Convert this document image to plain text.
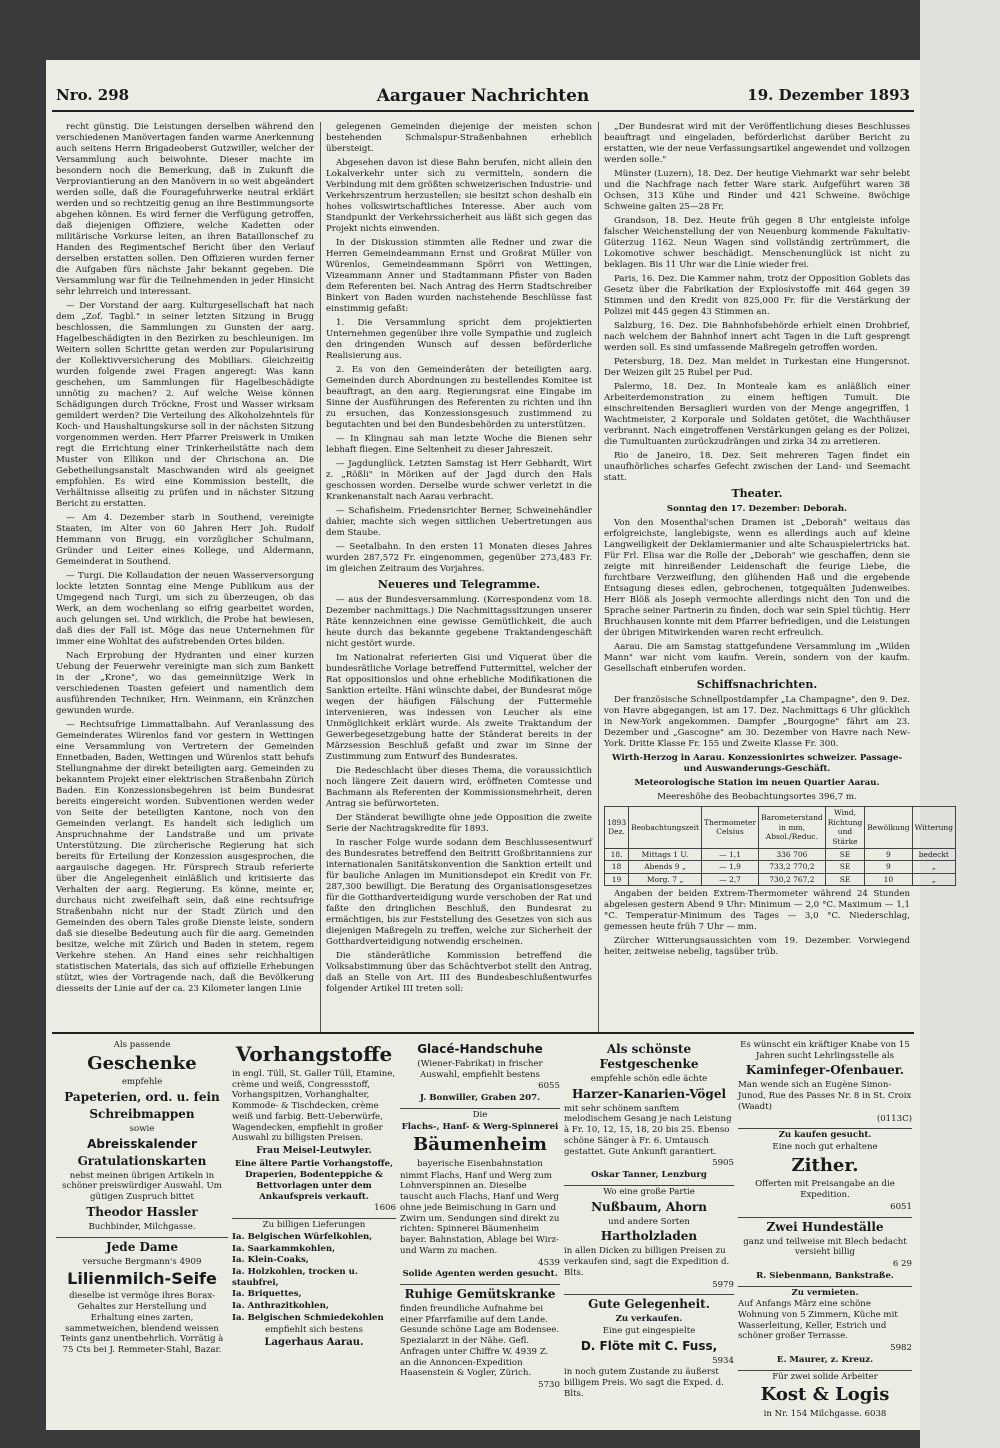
Nro. 298	Aargauer Nachrichten	19. Dezember 1893

recht günstig. Die Leistungen derselben während den verschiedenen Manövertagen fanden warme Anerkennung auch seitens Herrn Brigadeoberst Gutzwiller, welcher der Versammlung auch beiwohnte. Dieser machte im besondern noch die Bemerkung, daß in Zukunft die Verproviantierung an den Manövern in so weit abgeändert werden solle, daß die Fouragefuhrwerke neutral erklärt werden und so rechtzeitig genug an ihre Bestimmungsorte abgehen können. Es wird ferner die Verfügung getroffen, daß diejenigen Offiziere, welche Kadetten oder militärische Vorkurse leiten, an ihren Bataillonschef zu Handen des Regimentschef Bericht über den Verlauf derselben erstatten sollen. Den Offizieren wurden ferner die Aufgaben fürs nächste Jahr bekannt gegeben. Die Versammlung war für die Teilnehmenden in jeder Hinsicht sehr lehrreich und interessant.

— Der Vorstand der aarg. Kulturgesellschaft hat nach dem „Zof. Tagbl." in seiner letzten Sitzung in Brugg beschlossen, die Sammlungen zu Gunsten der aarg. Hagelbeschädigten in den Bezirken zu beschleunigen. Im Weitern sollen Schritte getan werden zur Popularisirung der Kollektivversicherung des Mobiliars. Gleichzeitig wurden folgende zwei Fragen angeregt: Was kann geschehen, um Sammlungen für Hagelbeschädigte unnötig zu machen? 2. Auf welche Weise können Schädigungen durch Tröckne, Frost und Wasser wirksam gemildert werden? Die Verteilung des Alkoholzehntels für Koch- und Haushaltungskurse soll in der nächsten Sitzung vorgenommen werden. Herr Pfarrer Preiswerk in Umiken regt die Errichtung einer Trinkerheilstätte nach dem Muster von Ellikon und der Chrischona an. Die Gebetheilungsanstalt Maschwanden wird als geeignet empfohlen. Es wird eine Kommission bestellt, die Verhältnisse allseitig zu prüfen und in nächster Sitzung Bericht zu erstatten.

— Am 4. Dezember starb in Southend, vereinigte Staaten, im Alter von 60 Jahren Herr Joh. Rudolf Hemmann von Brugg, ein vorzüglicher Schulmann, Gründer und Leiter eines Kollege, und Aldermann, Gemeinderat in Southend.

— Turgi. Die Kollaudation der neuen Wasserversorgung lockte letzten Sonntag eine Menge Publikum aus der Umgegend nach Turgi, um sich zu überzeugen, ob das Werk, an dem wochenlang so eifrig gearbeitet worden, auch gelungen sei. Und wirklich, die Probe hat bewiesen, daß dies der Fall ist. Möge das neue Unternehmen für immer eine Wohltat des aufstrebenden Ortes bilden.

Nach Erprobung der Hydranten und einer kurzen Uebung der Feuerwehr vereinigte man sich zum Bankett in der „Krone", wo das gemeinnützige Werk in verschiedenen Toasten gefeiert und namentlich dem ausführenden Techniker, Hrn. Weinmann, ein Kränzchen gewunden wurde.

— Rechtsufrige Limmattalbahn. Auf Veranlassung des Gemeinderates Würenlos fand vor gestern in Wettingen eine Versammlung von Vertretern der Gemeinden Ennetbaden, Baden, Wettingen und Würenlos statt behufs Stellungnahme der direkt beteiligten aarg. Gemeinden zu bekanntem Projekt einer elektrischen Straßenbahn Zürich Baden. Ein Konzessionsbegehren ist beim Bundesrat bereits eingereicht worden. Subventionen werden weder von Seite der beteiligten Kantone, noch von den Gemeinden verlangt. Es handelt sich lediglich um Anspruchnahme der Landstraße und um private Unterstützung. Die zürcherische Regierung hat sich bereits für Erteilung der Konzession ausgesprochen, die aargauische dagegen. Hr. Fürsprech Straub referierte über die Angelegenheit einläßlich und kritisierte das Verhalten der aarg. Regierung. Es könne, meinte er, durchaus nicht zweifelhaft sein, daß eine rechtsufrige Straßenbahn nicht nur der Stadt Zürich und den Gemeinden des obern Tales große Dienste leiste, sondern daß sie dieselbe Bedeutung auch für die aarg. Gemeinden besitze, welche mit Zürich und Baden in stetem, regem Verkehre stehen. An Hand eines sehr reichhaltigen statistischen Materials, das sich auf offizielle Erhebungen stützt, wies der Vortragende nach, daß die Bevölkerung diesseits der Linie auf der ca. 23 Kilometer langen Linie

gelegenen Gemeinden diejenige der meisten schon bestehenden Schmalspur-Straßenbahnen erheblich übersteigt.

Abgesehen davon ist diese Bahn berufen, nicht allein den Lokalverkehr unter sich zu vermitteln, sondern die Verbindung mit dem größten schweizerischen Industrie- und Verkehrszentrum herzustellen; sie besitzt schon deshalb ein hohes volkswirtschaftliches Interesse. Aber auch vom Standpunkt der Verkehrssicherheit aus läßt sich gegen das Projekt nichts einwenden.

In der Diskussion stimmten alle Redner und zwar die Herren Gemeindeammann Ernst und Großrat Müller von Würenlos, Gemeindeammann Spörri von Wettingen, Vizeammann Anner und Stadtammann Pfister von Baden dem Referenten bei. Nach Antrag des Herrn Stadtschreiber Binkert von Baden wurden nachstehende Beschlüsse fast einstimmig gefaßt:

1. Die Versammlung spricht dem projektierten Unternehmen gegenüber ihre volle Sympathie und zugleich den dringenden Wunsch auf dessen beförderliche Realisierung aus.

2. Es von den Gemeinderäten der beteiligten aarg. Gemeinden durch Abordnungen zu bestellendes Komitee ist beauftragt, an den aarg. Regierungsrat eine Eingabe im Sinne der Ausführungen des Referenten zu richten und ihn zu ersuchen, das Konzessionsgesuch zustimmend zu begutachten und bei den Bundesbehörden zu unterstützen.

— In Klingnau sah man letzte Woche die Bienen sehr lebhaft fliegen. Eine Seltenheit zu dieser Jahreszeit.

— Jagdunglück. Letzten Samstag ist Herr Gebhardt, Wirt z. „Rößli" in Möriken auf der Jagd durch den Hals geschossen worden. Derselbe wurde schwer verletzt in die Krankenanstalt nach Aarau verbracht.

— Schafisheim. Friedensrichter Berner, Schweinehändler dahier, machte sich wegen sittlichen Uebertretungen aus dem Staube.

— Seetalbahn. In den ersten 11 Monaten dieses Jahres wurden 287,572 Fr. eingenommen, gegenüber 273,483 Fr. im gleichen Zeitraum des Vorjahres.

Neueres und Telegramme.

— aus der Bundesversammlung. (Korrespondenz vom 18. Dezember nachmittags.) Die Nachmittagssitzungen unserer Räte kennzeichnen eine gewisse Gemütlichkeit, die auch heute durch das bekannte gegebene Traktandengeschäft nicht gestört wurde.

Im Nationalrat referierten Gisi und Viquerat über die bundesrätliche Vorlage betreffend Futtermittel, welcher der Rat oppositionslos und ohne erhebliche Modifikationen die Sanktion erteilte. Häni wünschte dabei, der Bundesrat möge wegen der häufigen Fälschung der Futtermehle intervenieren, was indessen von Leucher als eine Unmöglichkeit erklärt wurde. Als zweite Traktandum der Gewerbegesetzgebung hatte der Ständerat bereits in der Märzsession Beschluß gefaßt und zwar im Sinne der Zustimmung zum Entwurf des Bundesrates.

Die Redeschlacht über dieses Thema, die voraussichtlich noch längere Zeit dauern wird, eröffneten Comtesse und Bachmann als Referenten der Kommissionsmehrheit, deren Antrag sie befürworteten.

Der Ständerat bewilligte ohne jede Opposition die zweite Serie der Nachtragskredite für 1893.

In rascher Folge wurde sodann dem Beschlussesentwurf des Bundesrates betreffend den Beitritt Großbritanniens zur internationalen Sanitätskonvention die Sanktion erteilt und für bauliche Anlagen im Munitionsdepot ein Kredit von Fr. 287,300 bewilligt. Die Beratung des Organisationsgesetzes für die Gotthardverteidigung wurde verschoben der Rat und faßte den dringlichen Beschluß, den Bundesrat zu ermächtigen, bis zur Feststellung des Gesetzes von sich aus diejenigen Maßregeln zu treffen, welche zur Sicherheit der Gotthardverteidigung notwendig erscheinen.

Die ständerätliche Kommission betreffend die Volksabstimmung über das Schächtverbot stellt den Antrag, daß an Stelle von Art. III des Bundesbeschlußentwurfes folgender Artikel III treten soll:

„Der Bundesrat wird mit der Veröffentlichung dieses Beschlusses beauftragt und eingeladen, beförderlichst darüber Bericht zu erstatten, wie der neue Verfassungsartikel angewendet und vollzogen werden solle."

Münster (Luzern), 18. Dez. Der heutige Viehmarkt war sehr belebt und die Nachfrage nach fetter Ware stark. Aufgeführt waren 38 Ochsen, 313 Kühe und Rinder und 421 Schweine. 8wöchige Schweine galten 25—28 Fr.

Grandson, 18. Dez. Heute früh gegen 8 Uhr entgleiste infolge falscher Weichenstellung der von Neuenburg kommende Fakultativ-Güterzug 1162. Neun Wagen sind vollständig zertrümmert, die Lokomotive schwer beschädigt. Menschenunglück ist nicht zu beklagen. Bis 11 Uhr war die Linie wieder frei.

Paris, 16. Dez. Die Kammer nahm, trotz der Opposition Goblets das Gesetz über die Fabrikation der Explosivstoffe mit 464 gegen 39 Stimmen und den Kredit von 825,000 Fr. für die Verstärkung der Polizei mit 445 gegen 43 Stimmen an.

Salzburg, 16. Dez. Die Bahnhofsbehörde erhielt einen Drohbrief, nach welchem der Bahnhof innert acht Tagen in die Luft gesprengt werden soll. Es sind umfassende Maßregeln getroffen worden.

Petersburg, 18. Dez. Man meldet in Turkestan eine Hungersnot. Der Weizen gilt 25 Rubel per Pud.

Palermo, 18. Dez. In Monteale kam es anläßlich einer Arbeiterdemonstration zu einem heftigen Tumult. Die einschreitenden Bersaglieri wurden von der Menge angegriffen, 1 Wachtmeister, 2 Korporale und Soldaten getötet, die Wachthäuser verbrannt. Nach eingetroffenen Verstärkungen gelang es der Polizei, die Tumultuanten zurückzudrängen und zirka 34 zu arretieren.

Rio de Janeiro, 18. Dez. Seit mehreren Tagen findet ein unaufhörliches scharfes Gefecht zwischen der Land- und Seemacht statt.

Theater.

Sonntag den 17. Dezember: Deborah.

Von den Mosenthal'schen Dramen ist „Deborah" weitaus das erfolgreichste, langlebigste, wenn es allerdings auch auf kleine Langweiligkeit der Deklamiermanier und alte Schauspielertricks hat. Für Frl. Elisa war die Rolle der „Deborah" wie geschaffen, denn sie zeigte mit hinreißender Leidenschaft die feurige Liebe, die furchtbare Verzweiflung, den glühenden Haß und die ergebende Entsagung dieses edlen, gebrochenen, totgequälten Judenweibes. Herr Blöß als Joseph vermochte allerdings nicht den Ton und die Sprache seiner Partnerin zu finden, doch war sein Spiel tüchtig. Herr Bruchhausen konnte mit dem Pfarrer befriedigen, und die Leistungen der übrigen Mitwirkenden waren recht erfreulich.

Aarau. Die am Samstag stattgefundene Versammlung im „Wilden Mann" war nicht vom kaufm. Verein, sondern von der kaufm. Gesellschaft einberufen worden.

Schiffsnachrichten.

Der französische Schnellpostdampfer „La Champagne", den 9. Dez. von Havre abgegangen, ist am 17. Dez. Nachmittags 6 Uhr glücklich in New-York angekommen. Dampfer „Bourgogne" fährt am 23. Dezember und „Gascogne" am 30. Dezember von Havre nach New-York. Dritte Klasse Fr. 155 und Zweite Klasse Fr. 300.

Wirth-Herzog in Aarau. Konzessionirtes schweizer. Passage- und Auswanderungs-Geschäft.

Meteorologische Station im neuen Quartier Aarau.

Meereshöhe des Beobachtungsortes 396,7 m.

1893 Dez.	Beobachtungszeit	Thermometer Celsius	Barometerstand in mm, Absol./Reduc.	Wind, Richtung und Stärke	Bewölkung	Witterung
18.	Mittags 1 U.	— 1,1	336 706	SE	9	bedeckt
18	Abends 9 „	— 1,9	733,2 770,2	SE	9	„
19	Morg. 7 „	— 2,7	730,2 767,2	SE	10	„

Angaben der beiden Extrem-Thermometer während 24 Stunden abgelesen gestern Abend 9 Uhr: Minimum — 2,0 °C. Maximum — 1,1 °C. Temperatur-Minimum des Tages — 3,0 °C. Niederschlag, gemessen heute früh 7 Uhr — mm.

Zürcher Witterungsaussichten vom 19. Dezember. Vorwiegend heiter, zeitweise nebelig, tagsüber trüb.

Als passende
Geschenke
empfehle
Papeterien, ord. u. fein
Schreibmappen
sowie
Abreisskalender
Gratulationskarten
nebst meinen übrigen Artikeln in schöner preiswürdiger Auswahl. Um gütigen Zuspruch bittet
Theodor Hassler
Buchbinder, Milchgasse.
Jede Dame
versuche Bergmann's 4909
Lilienmilch-Seife
dieselbe ist vermöge ihres Borax-Gehaltes zur Herstellung und Erhaltung eines zarten, sammetweichen, blendend weissen Teints ganz unentbehrlich. Vorrätig à 75 Cts bei J. Remmeter-Stahl, Bazar.
Vorhangstoffe
in engl. Tüll, St. Galler Tüll, Etamine, crème und weiß, Congressstoff, Vorhangspitzen, Vorhanghalter, Kommode- & Tischdecken, crème weiß und farbig. Bett-Ueberwürfe, Wagendecken, empfiehlt in großer Auswahl zu billigsten Preisen.
Frau Meisel-Leutwyler.
Eine ältere Partie Vorhangstoffe, Draperien, Bodenteppiche & Bettvorlagen unter dem Ankaufspreis verkauft.
1606
Zu billigen Lieferungen
Ia. Belgischen Würfelkohlen,
Ia. Saarkammkohlen,
Ia. Klein-Coaks,
Ia. Holzkohlen, trocken u. staubfrei,
Ia. Briquettes,
Ia. Anthrazitkohlen,
Ia. Belgischen Schmiedekohlen
empfiehlt sich bestens
Lagerhaus Aarau.
Glacé-Handschuhe
(Wiener-Fabrikat) in frischer Auswahl, empfiehlt bestens
6055
J. Bonwiller, Graben 207.
Die
Flachs-, Hanf- & Werg-Spinnerei
Bäumenheim
bayerische Eisenbahnstation
nimmt Flachs, Hanf und Werg zum Lohnverspinnen an. Dieselbe tauscht auch Flachs, Hanf und Werg ohne jede Beimischung in Garn und Zwirn um. Sendungen sind direkt zu richten: Spinnerei Bäumenheim bayer. Bahnstation, Ablage bei Wirz- und Warm zu machen.
4539
Solide Agenten werden gesucht.
Ruhige Gemütskranke
finden freundliche Aufnahme bei einer Pfarrfamilie auf dem Lande. Gesunde schöne Lage am Bodensee. Spezialarzt in der Nähe. Gefl. Anfragen unter Chiffre W. 4939 Z. an die Annoncen-Expedition Haasenstein & Vogler, Zürich.
5730
Als schönste Festgeschenke
empfehle schön edle ächte
Harzer-Kanarien-Vögel
mit sehr schönem sanftem melodischem Gesang je nach Leistung à Fr. 10, 12, 15, 18, 20 bis 25. Ebenso schöne Sänger à Fr. 6. Umtausch gestattet. Gute Ankunft garantiert.
5905
Oskar Tanner, Lenzburg
Wo eine große Partie
Nußbaum, Ahorn
und andere Sorten
Hartholzladen
in allen Dicken zu billigen Preisen zu verkaufen sind, sagt die Expedition d. Blts.
5979
Gute Gelegenheit.
Zu verkaufen.
Eine gut eingespielte
D. Flöte mit C. Fuss,
5934
in noch gutem Zustande zu äußerst billigem Preis. Wo sagt die Exped. d. Blts.
Es wünscht ein kräftiger Knabe von 15 Jahren sucht Lehrlingsstelle als
Kaminfeger-Ofenbauer.
Man wende sich an Eugène Simon-Junod, Rue des Passes Nr. 8 in St. Croix (Waadt)
(0113C)
Zu kaufen gesucht.
Eine noch gut erhaltene
Zither.
Offerten mit Preisangabe an die Expedition.
6051
Zwei Hundeställe
ganz und teilweise mit Blech bedacht versieht billig
6 29
R. Siebenmann, Bankstraße.
Zu vermieten.
Auf Anfangs März eine schöne Wohnung von 5 Zimmern, Küche mit Wasserleitung, Keller, Estrich und schöner großer Terrasse.
5982
E. Maurer, z. Kreuz.
Für zwei solide Arbeiter
Kost & Logis
in Nr. 154 Milchgasse. 6038
